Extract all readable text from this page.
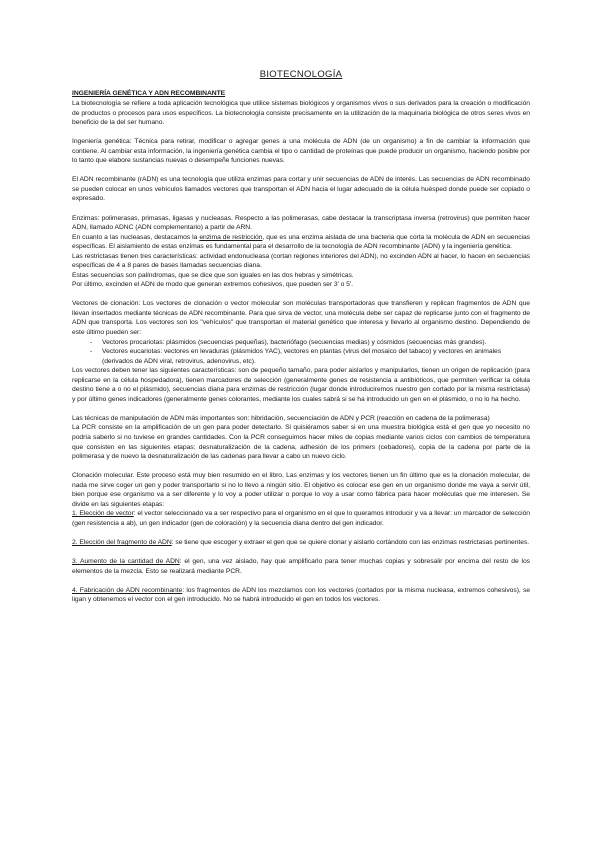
BIOTECNOLOGÍA
INGENIERÍA GENÉTICA Y ADN RECOMBINANTE

La biotecnología se refiere a toda aplicación tecnológica que utilice sistemas biológicos y organismos vivos o sus derivados para la creación o modificación de productos o procesos para usos específicos. La biotecnología consiste precisamente en la utilización de la maquinaria biológica de otros seres vivos en beneficio de la del ser humano.

Ingeniería genética: Técnica para retirar, modificar o agregar genes a una molécula de ADN (de un organismo) a fin de cambiar la información que contiene. Al cambiar esta información, la ingeniería genética cambia el tipo o cantidad de proteínas que puede producir un organismo, haciendo posible por lo tanto que elabore sustancias nuevas o desempeñe funciones nuevas.

El ADN recombinante (rADN) es una tecnología que utiliza enzimas para cortar y unir secuencias de ADN de interés. Las secuencias de ADN recombinado se pueden colocar en unos vehículos llamados vectores que transportan el ADN hacia el lugar adecuado de la célula huésped donde puede ser copiado o expresado.

Enzimas: polimerasas, primasas, ligasas y nucleasas. Respecto a las polimerasas, cabe destacar la transcriptasa inversa (retrovirus) que permiten hacer ADN, llamado ADNC (ADN complementario) a partir de ARN.

En cuanto a las nucleasas, destacamos la enzima de restricción, que es una enzima aislada de una bacteria que corta la molécula de ADN en secuencias específicas. El aislamiento de estas enzimas es fundamental para el desarrollo de la tecnología de ADN recombinante (ADN) y la ingeniería genética.

Las restrictasas tienen tres características: actividad endonucleasa (cortan regiones interiores del ADN), no excinden ADN al hacer, lo hacen en secuencias específicas de 4 a 8 pares de bases llamadas secuencias diana.

Estas secuencias son palíndromas, que se dice que son iguales en las dos hebras y simétricas.

Por último, excinden el ADN de modo que generan extremos cohesivos, que pueden ser 3' o 5'.

Vectores de clonación: Los vectores de clonación o vector molecular son moléculas transportadoras que transfieren y replican fragmentos de ADN que llevan insertados mediante técnicas de ADN recombinante. Para que sirva de vector, una molécula debe ser capaz de replicarse junto con el fragmento de ADN que transporta. Los vectores son los "vehículos" que transportan el material genético que interesa y llevarlo al organismo destino. Dependiendo de este último pueden ser:

- Vectores procariotas: plásmidos (secuencias pequeñas), bacteriófago (secuencias medias) y cósmidos (secuencias más grandes).
- Vectores eucariotas: vectores en levaduras (plásmidos YAC), vectores en plantas (virus del mosaico del tabaco) y vectores en animales (derivados de ADN viral, retrovirus, adenovirus, etc).

Los vectores deben tener las siguientes características: son de pequeño tamaño, para poder aislarlos y manipularlos, tienen un origen de replicación (para replicarse en la célula hospedadora), tienen marcadores de selección (generalmente genes de resistencia a antibióticos, que permiten verificar la célula destino tiene a o no el plásmido), secuencias diana para enzimas de restricción (lugar donde introduciremos nuestro gen cortado por la misma restrictasa) y por último genes indicadores (generalmente genes colorantes, mediante los cuales sabrá si se ha introducido un gen en el plásmido, o no lo ha hecho.

Las técnicas de manipulación de ADN más importantes son: hibridación, secuenciación de ADN y PCR (reacción en cadena de la polimerasa)

La PCR consiste en la amplificación de un gen para poder detectarlo. Si quisiéramos saber si en una muestra biológica está el gen que yo necesito no podría saberlo si no tuviese en grandes cantidades. Con la PCR conseguimos hacer miles de copias mediante varios ciclos con cambios de temperatura que consisten en las siguientes etapas: desnaturalización de la cadena, adhesión de los primers (cebadores), copia de la cadena por parte de la polimerasa y de nuevo la desnaturalización de las cadenas para llevar a cabo un nuevo ciclo.

Clonación molecular. Este proceso está muy bien resumido en el libro. Las enzimas y los vectores tienen un fin último que es la clonación molecular, de nada me sirve coger un gen y poder transportarlo si no lo llevo a ningún sitio. El objetivo es colocar ese gen en un organismo donde me vaya a servir útil, bien porque ese organismo va a ser diferente y lo voy a poder utilizar o porque lo voy a usar como fábrica para hacer moléculas que me interesen. Se divide en las siguientes etapas:

1. Elección de vector: el vector seleccionado va a ser respectivo para el organismo en el que lo queramos introducir y va a llevar: un marcador de selección (gen resistencia a ab), un gen indicador (gen de coloración) y la secuencia diana dentro del gen indicador.

2. Elección del fragmento de ADN: se tiene que escoger y extraer el gen que se quiere clonar y aislarlo cortándolo con las enzimas restrictasas pertinentes.

3. Aumento de la cantidad de ADN: el gen, una vez aislado, hay que amplificarlo para tener muchas copias y sobresalir por encima del resto de los elementos de la mezcla. Esto se realizará mediante PCR.

4. Fabricación de ADN recombinante: los fragmentos de ADN los mezclamos con los vectores (cortados por la misma nucleasa, extremos cohesivos), se ligan y obtenemos el vector con el gen introducido. No se habrá introducido el gen en todos los vectores.
